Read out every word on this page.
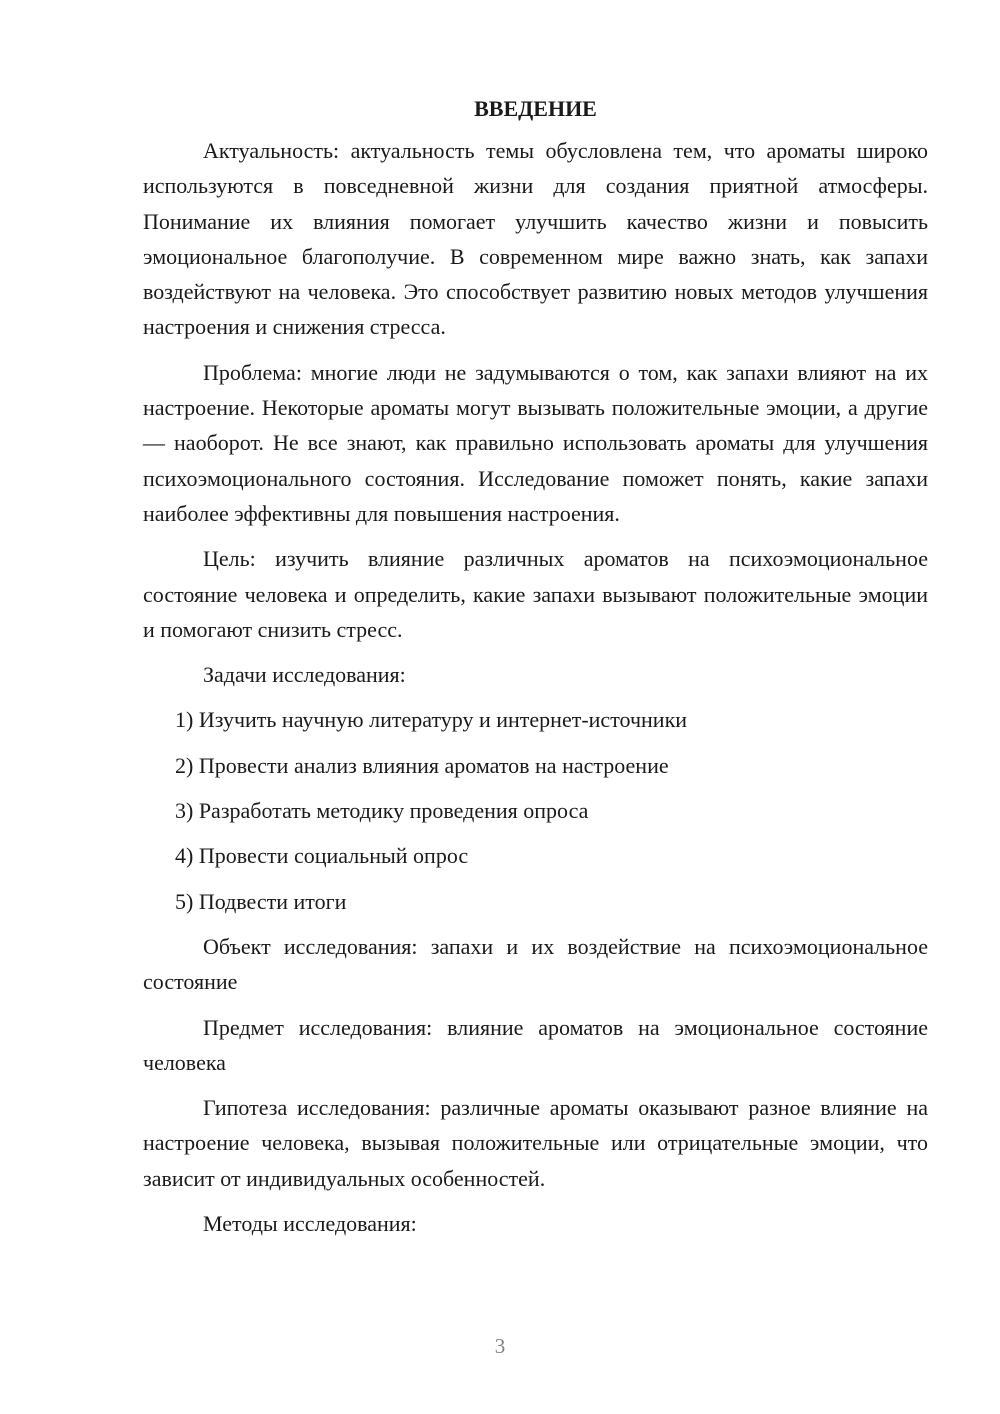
ВВЕДЕНИЕ

Актуальность: актуальность темы обусловлена тем, что ароматы широко используются в повседневной жизни для создания приятной атмосферы. Понимание их влияния помогает улучшить качество жизни и повысить эмоциональное благополучие. В современном мире важно знать, как запахи воздействуют на человека. Это способствует развитию новых методов улучшения настроения и снижения стресса.

Проблема: многие люди не задумываются о том, как запахи влияют на их настроение. Некоторые ароматы могут вызывать положительные эмоции, а другие — наоборот. Не все знают, как правильно использовать ароматы для улучшения психоэмоционального состояния. Исследование поможет понять, какие запахи наиболее эффективны для повышения настроения.

Цель: изучить влияние различных ароматов на психоэмоциональное состояние человека и определить, какие запахи вызывают положительные эмоции и помогают снизить стресс.

Задачи исследования:

1) Изучить научную литературу и интернет-источники
2) Провести анализ влияния ароматов на настроение
3) Разработать методику проведения опроса
4) Провести социальный опрос
5) Подвести итоги

Объект исследования: запахи и их воздействие на психоэмоциональное состояние

Предмет исследования: влияние ароматов на эмоциональное состояние человека

Гипотеза исследования: различные ароматы оказывают разное влияние на настроение человека, вызывая положительные или отрицательные эмоции, что зависит от индивидуальных особенностей.

Методы исследования:

3
